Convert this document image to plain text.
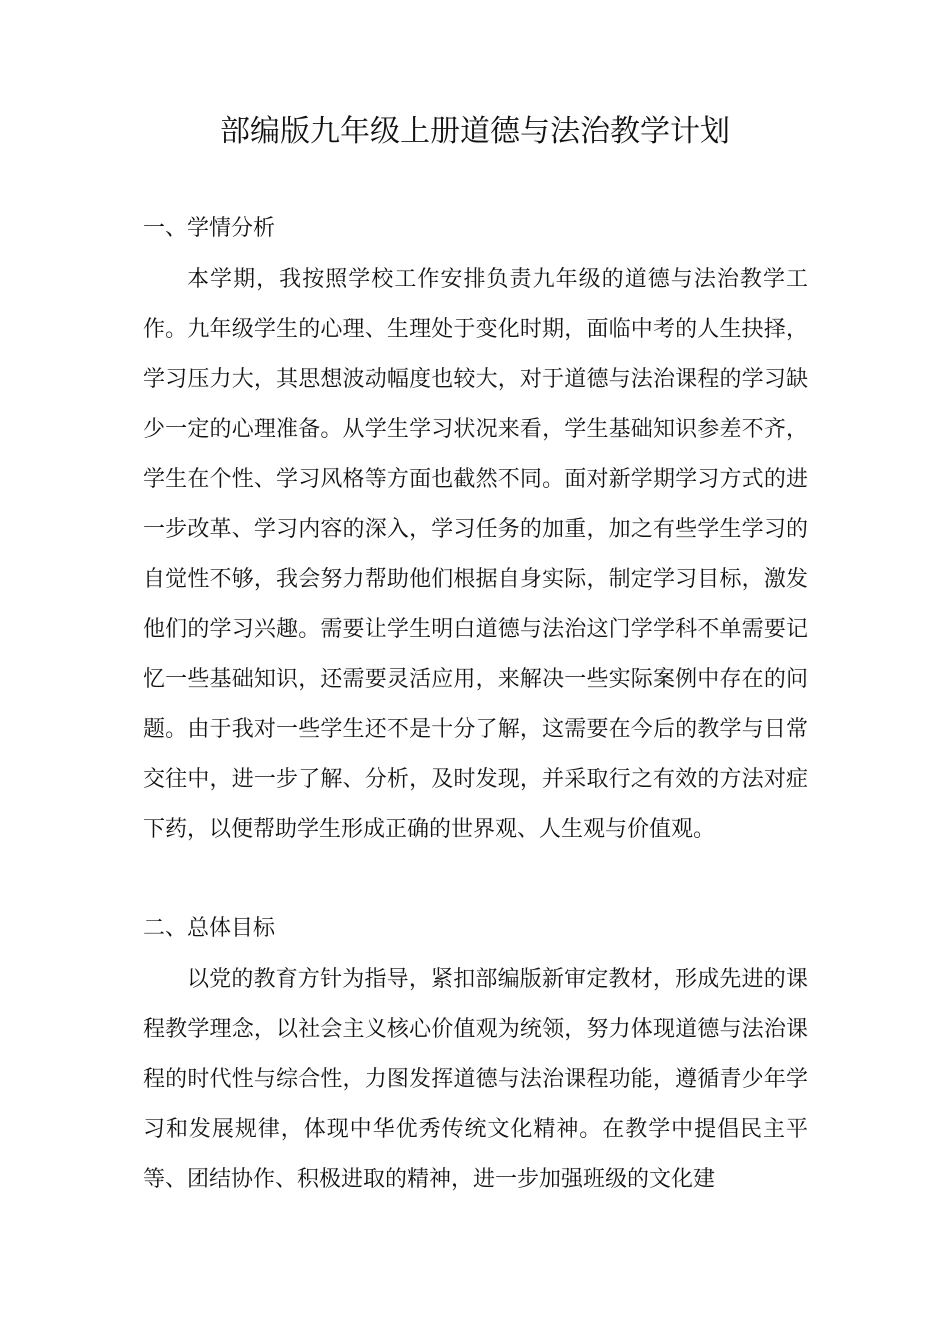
部编版九年级上册道德与法治教学计划
一、学情分析

本学期，我按照学校工作安排负责九年级的道德与法治教学工作。九年级学生的心理、生理处于变化时期，面临中考的人生抉择，学习压力大，其思想波动幅度也较大，对于道德与法治课程的学习缺少一定的心理准备。从学生学习状况来看，学生基础知识参差不齐，学生在个性、学习风格等方面也截然不同。面对新学期学习方式的进一步改革、学习内容的深入，学习任务的加重，加之有些学生学习的自觉性不够，我会努力帮助他们根据自身实际，制定学习目标，激发他们的学习兴趣。需要让学生明白道德与法治这门学学科不单需要记忆一些基础知识，还需要灵活应用，来解决一些实际案例中存在的问题。由于我对一些学生还不是十分了解，这需要在今后的教学与日常交往中，进一步了解、分析，及时发现，并采取行之有效的方法对症下药，以便帮助学生形成正确的世界观、人生观与价值观。

二、总体目标

以党的教育方针为指导，紧扣部编版新审定教材，形成先进的课程教学理念，以社会主义核心价值观为统领，努力体现道德与法治课程的时代性与综合性，力图发挥道德与法治课程功能，遵循青少年学习和发展规律，体现中华优秀传统文化精神。在教学中提倡民主平等、团结协作、积极进取的精神，进一步加强班级的文化建
